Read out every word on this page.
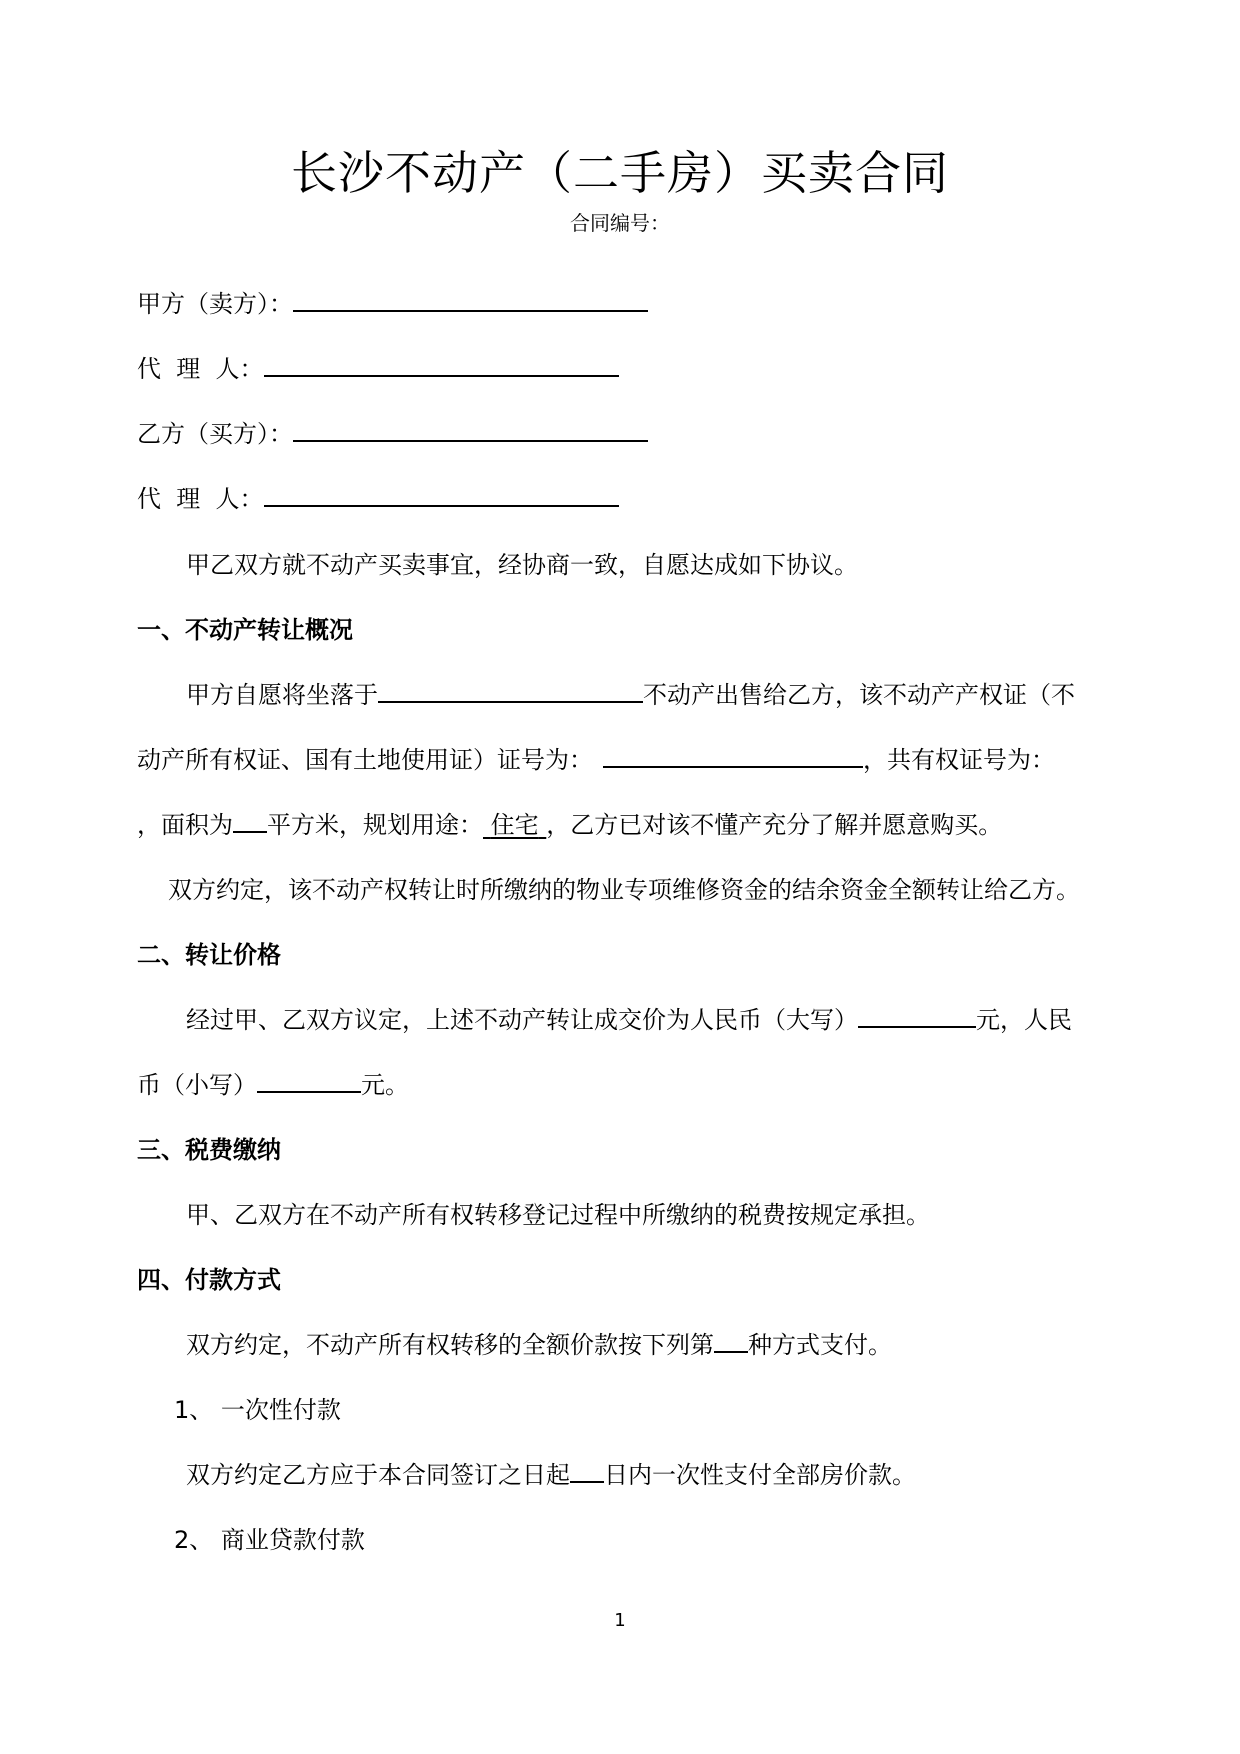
长沙不动产（二手房）买卖合同
合同编号：
甲方（卖方）：
代  理  人：
乙方（买方）：
代  理  人：
甲乙双方就不动产买卖事宜，经协商一致，自愿达成如下协议。
一、不动产转让概况
甲方自愿将坐落于	不动产出售给乙方，该不动产产权证（不
动产所有权证、国有土地使用证）证号为：	，共有权证号为：
，面积为 平方米，规划用途： 住宅 ，乙方已对该不懂产充分了解并愿意购买。
双方约定，该不动产权转让时所缴纳的物业专项维修资金的结余资金全额转让给乙方。
二、转让价格
经过甲、乙双方议定，上述不动产转让成交价为人民币（大写）	元，人民
币（小写）	元。
三、税费缴纳
甲、乙双方在不动产所有权转移登记过程中所缴纳的税费按规定承担。
四、付款方式
双方约定，不动产所有权转移的全额价款按下列第 种方式支付。
1、 一次性付款
双方约定乙方应于本合同签订之日起 日内一次性支付全部房价款。
2、 商业贷款付款
1
